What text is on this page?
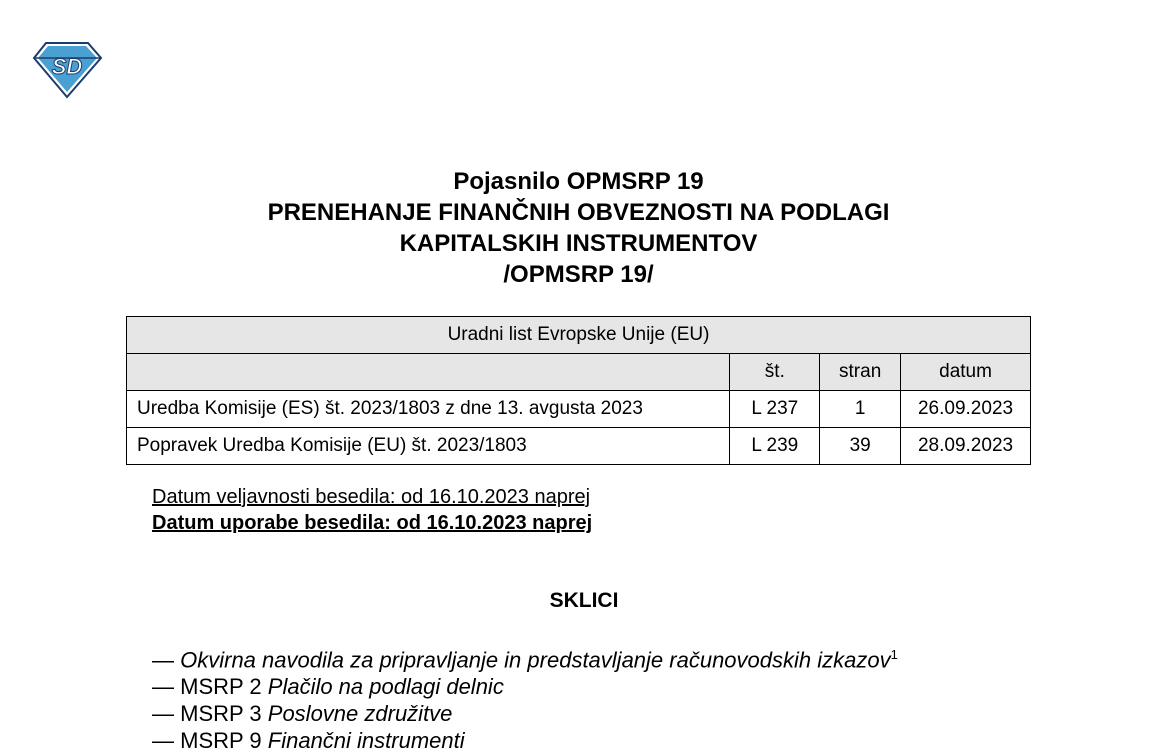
SD
Pojasnilo OPMSRP 19
PRENEHANJE FINANČNIH OBVEZNOSTI NA PODLAGI
KAPITALSKIH INSTRUMENTOV
/OPMSRP 19/
Uradni list Evropske Unije (EU)			
	št.	stran	datum
Uredba Komisije (ES) št. 2023/1803 z dne 13. avgusta 2023	L 237	1	26.09.2023
Popravek Uredba Komisije (EU) št. 2023/1803	L 239	39	28.09.2023
Datum veljavnosti besedila: od 16.10.2023 naprej
Datum uporabe besedila: od 16.10.2023 naprej
SKLICI
— Okvirna navodila za pripravljanje in predstavljanje računovodskih izkazov$^1$
— MSRP 2 Plačilo na podlagi delnic
— MSRP 3 Poslovne združitve
— MSRP 9 Finančni instrumenti
